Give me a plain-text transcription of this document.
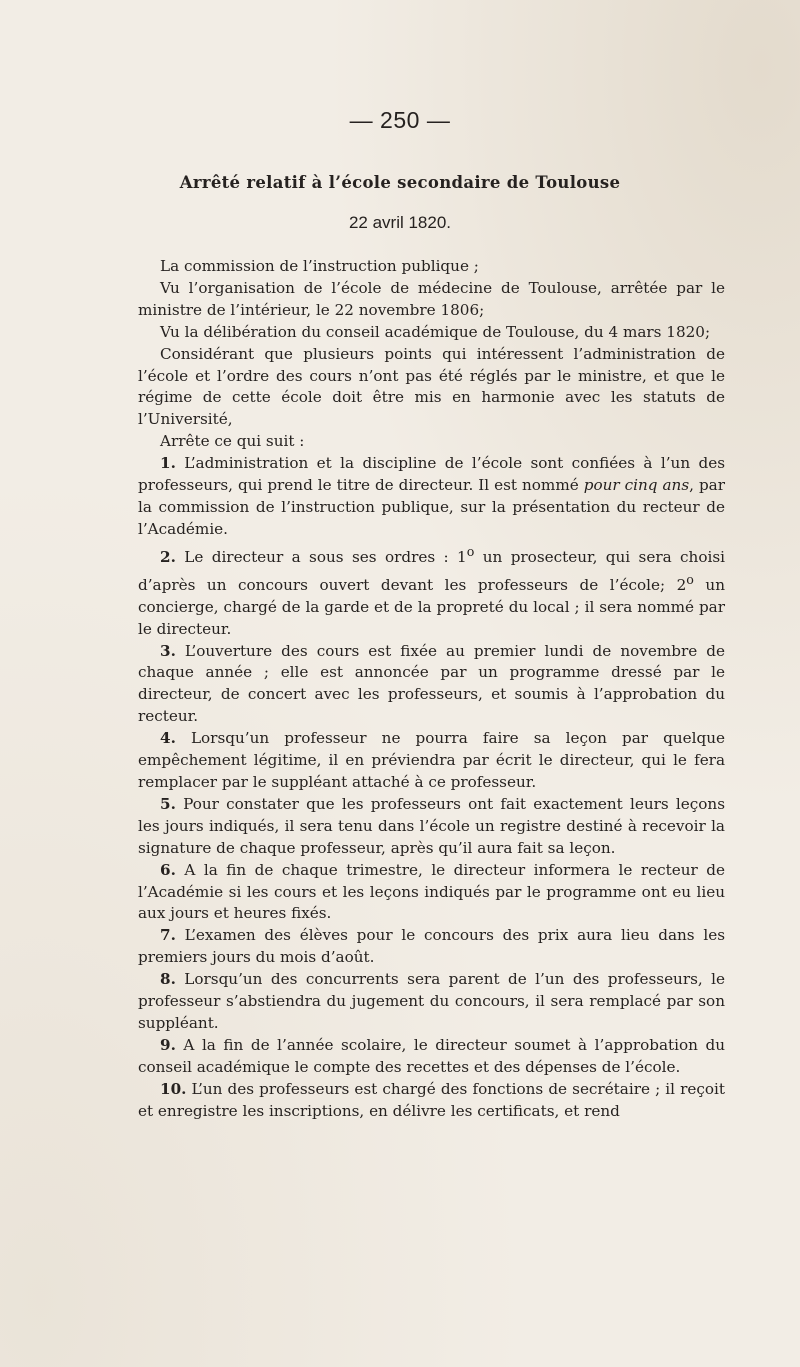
— 250 —
Arrêté relatif à l’école secondaire de Toulouse
22 avril 1820.

La commission de l’instruction publique ;

Vu l’organisation de l’école de médecine de Toulouse, arrêtée par le ministre de l’intérieur, le 22 novembre 1806;

Vu la délibération du conseil académique de Toulouse, du 4 mars 1820;

Considérant que plusieurs points qui intéressent l’administration de l’école et l’ordre des cours n’ont pas été réglés par le ministre, et que le régime de cette école doit être mis en harmonie avec les statuts de l’Université,

Arrête ce qui suit :

1. L’administration et la discipline de l’école sont confiées à l’un des professeurs, qui prend le titre de directeur. Il est nommé pour cinq ans, par la commission de l’instruction publique, sur la présentation du recteur de l’Académie.

2. Le directeur a sous ses ordres : 1$^o$ un prosecteur, qui sera choisi d’après un concours ouvert devant les professeurs de l’école; 2$^o$ un concierge, chargé de la garde et de la propreté du local ; il sera nommé par le directeur.

3. L’ouverture des cours est fixée au premier lundi de novembre de chaque année ; elle est annoncée par un programme dressé par le directeur, de concert avec les professeurs, et soumis à l’approbation du recteur.

4. Lorsqu’un professeur ne pourra faire sa leçon par quelque empêchement légitime, il en préviendra par écrit le directeur, qui le fera remplacer par le suppléant attaché à ce professeur.

5. Pour constater que les professeurs ont fait exactement leurs leçons les jours indiqués, il sera tenu dans l’école un registre destiné à recevoir la signature de chaque professeur, après qu’il aura fait sa leçon.

6. A la fin de chaque trimestre, le directeur informera le recteur de l’Académie si les cours et les leçons indiqués par le programme ont eu lieu aux jours et heures fixés.

7. L’examen des élèves pour le concours des prix aura lieu dans les premiers jours du mois d’août.

8. Lorsqu’un des concurrents sera parent de l’un des professeurs, le professeur s’abstiendra du jugement du concours, il sera remplacé par son suppléant.

9. A la fin de l’année scolaire, le directeur soumet à l’approbation du conseil académique le compte des recettes et des dépenses de l’école.

10. L’un des professeurs est chargé des fonctions de secrétaire ; il reçoit et enregistre les inscriptions, en délivre les certificats, et rend
